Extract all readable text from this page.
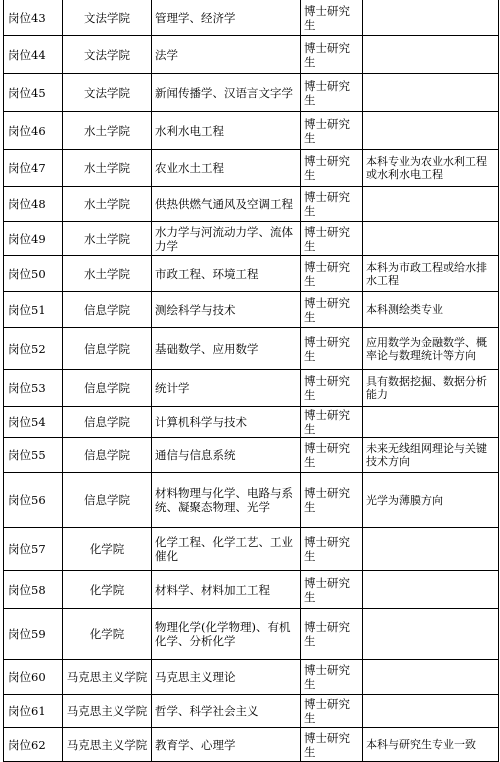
岗位43	文法学院	管理学、经济学	博士研究生	
岗位44	文法学院	法学	博士研究生	
岗位45	文法学院	新闻传播学、汉语言文字学	博士研究生	
岗位46	水土学院	水利水电工程	博士研究生	
岗位47	水土学院	农业水土工程	博士研究生	本科专业为农业水利工程或水利水电工程
岗位48	水土学院	供热供燃气通风及空调工程	博士研究生	
岗位49	水土学院	水力学与河流动力学、流体力学	博士研究生	
岗位50	水土学院	市政工程、环境工程	博士研究生	本科为市政工程或给水排水工程
岗位51	信息学院	测绘科学与技术	博士研究生	本科测绘类专业
岗位52	信息学院	基础数学、应用数学	博士研究生	应用数学为金融数学、概率论与数理统计等方向
岗位53	信息学院	统计学	博士研究生	具有数据挖掘、数据分析能力
岗位54	信息学院	计算机科学与技术	博士研究生	
岗位55	信息学院	通信与信息系统	博士研究生	未来无线组网理论与关键技术方向
岗位56	信息学院	材料物理与化学、电路与系统、凝聚态物理、光学	博士研究生	光学为薄膜方向
岗位57	化学院	化学工程、化学工艺、工业催化	博士研究生	
岗位58	化学院	材料学、材料加工工程	博士研究生	
岗位59	化学院	物理化学(化学物理)、有机化学、分析化学	博士研究生	
岗位60	马克思主义学院	马克思主义理论	博士研究生	
岗位61	马克思主义学院	哲学、科学社会主义	博士研究生	
岗位62	马克思主义学院	教育学、心理学	博士研究生	本科与研究生专业一致
